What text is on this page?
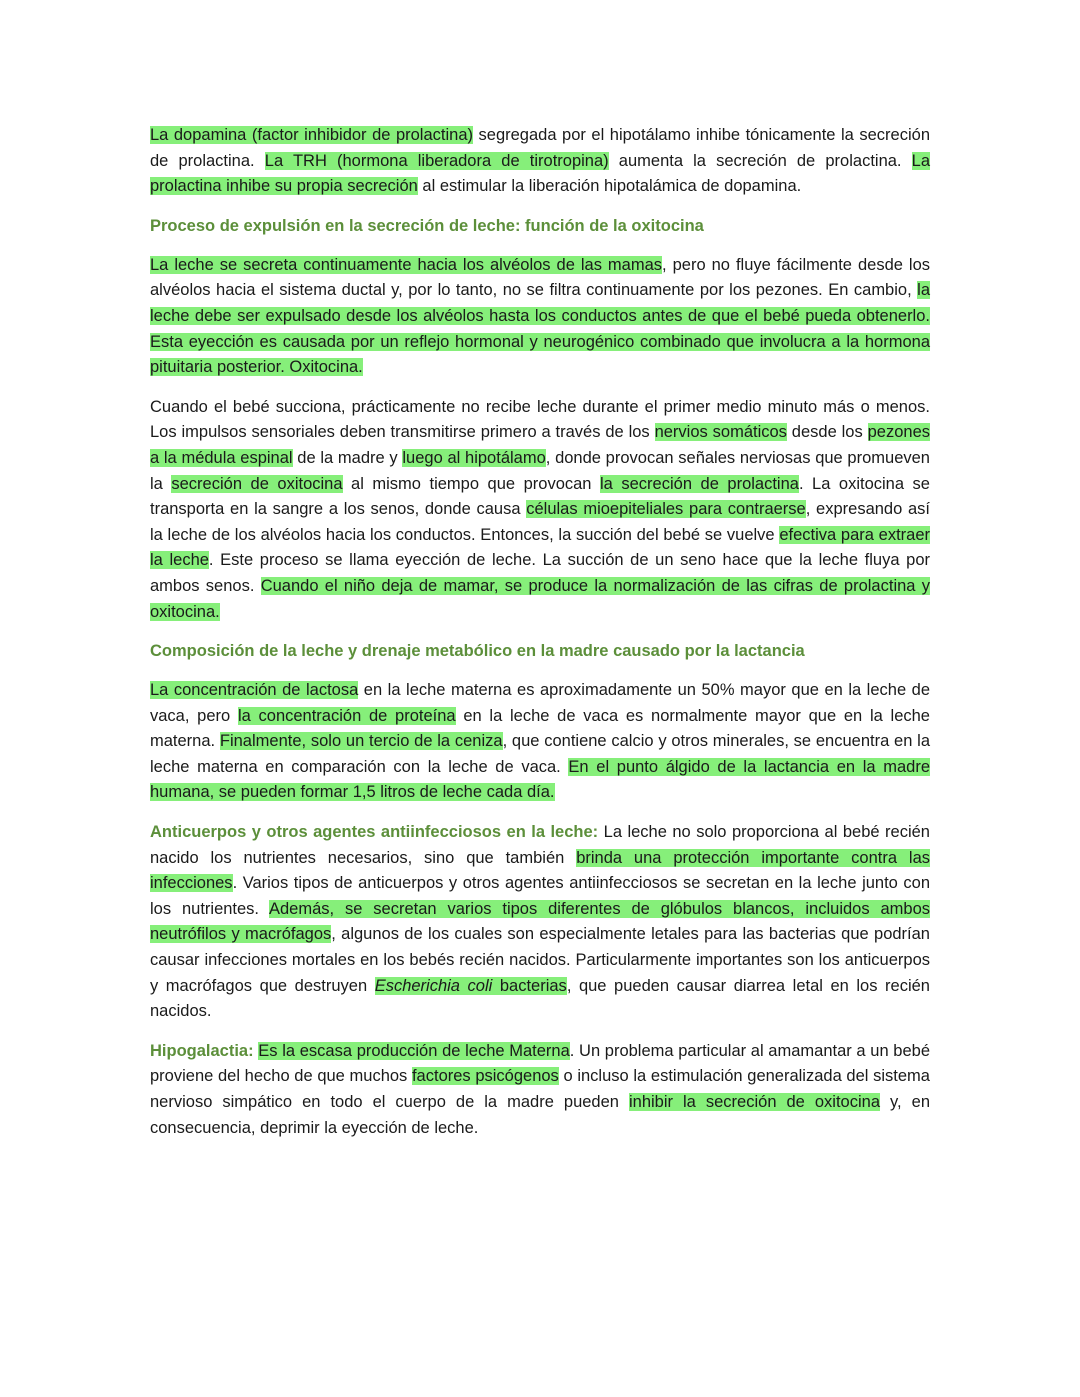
La dopamina (factor inhibidor de prolactina) segregada por el hipotálamo inhibe tónicamente la secreción de prolactina. La TRH (hormona liberadora de tirotropina) aumenta la secreción de prolactina. La prolactina inhibe su propia secreción al estimular la liberación hipotalámica de dopamina.

Proceso de expulsión en la secreción de leche: función de la oxitocina

La leche se secreta continuamente hacia los alvéolos de las mamas, pero no fluye fácilmente desde los alvéolos hacia el sistema ductal y, por lo tanto, no se filtra continuamente por los pezones. En cambio, la leche debe ser expulsado desde los alvéolos hasta los conductos antes de que el bebé pueda obtenerlo. Esta eyección es causada por un reflejo hormonal y neurogénico combinado que involucra a la hormona pituitaria posterior. Oxitocina.

Cuando el bebé succiona, prácticamente no recibe leche durante el primer medio minuto más o menos. Los impulsos sensoriales deben transmitirse primero a través de los nervios somáticos desde los pezones a la médula espinal de la madre y luego al hipotálamo, donde provocan señales nerviosas que promueven la secreción de oxitocina al mismo tiempo que provocan la secreción de prolactina. La oxitocina se transporta en la sangre a los senos, donde causa células mioepiteliales para contraerse, expresando así la leche de los alvéolos hacia los conductos. Entonces, la succión del bebé se vuelve efectiva para extraer la leche. Este proceso se llama eyección de leche. La succión de un seno hace que la leche fluya por ambos senos. Cuando el niño deja de mamar, se produce la normalización de las cifras de prolactina y oxitocina.

Composición de la leche y drenaje metabólico en la madre causado por la lactancia

La concentración de lactosa en la leche materna es aproximadamente un 50% mayor que en la leche de vaca, pero la concentración de proteína en la leche de vaca es normalmente mayor que en la leche materna. Finalmente, solo un tercio de la ceniza, que contiene calcio y otros minerales, se encuentra en la leche materna en comparación con la leche de vaca. En el punto álgido de la lactancia en la madre humana, se pueden formar 1,5 litros de leche cada día.

Anticuerpos y otros agentes antiinfecciosos en la leche: La leche no solo proporciona al bebé recién nacido los nutrientes necesarios, sino que también brinda una protección importante contra las infecciones. Varios tipos de anticuerpos y otros agentes antiinfecciosos se secretan en la leche junto con los nutrientes. Además, se secretan varios tipos diferentes de glóbulos blancos, incluidos ambos neutrófilos y macrófagos, algunos de los cuales son especialmente letales para las bacterias que podrían causar infecciones mortales en los bebés recién nacidos. Particularmente importantes son los anticuerpos y macrófagos que destruyen Escherichia coli bacterias, que pueden causar diarrea letal en los recién nacidos.

Hipogalactia: Es la escasa producción de leche Materna. Un problema particular al amamantar a un bebé proviene del hecho de que muchos factores psicógenos o incluso la estimulación generalizada del sistema nervioso simpático en todo el cuerpo de la madre pueden inhibir la secreción de oxitocina y, en consecuencia, deprimir la eyección de leche.
